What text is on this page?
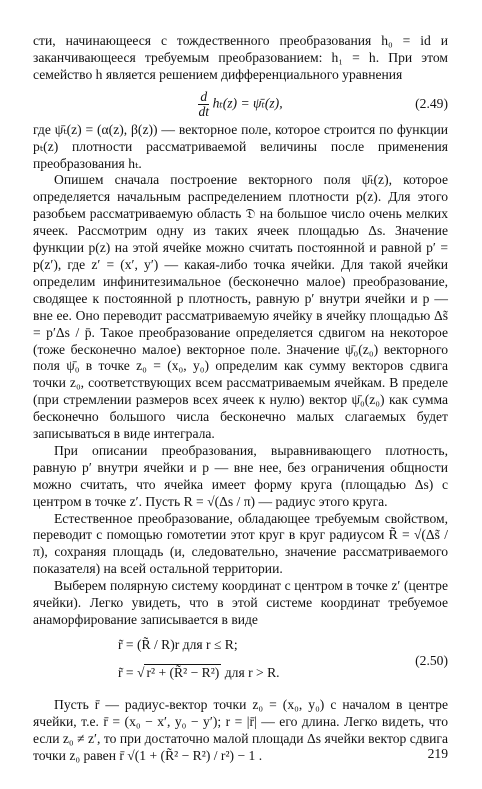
сти, начинающееся с тождественного преобразования h₀ = id и заканчивающееся требуемым преобразованием: h₁ = h. При этом семейство h является решением дифференциального уравнения

$\frac{d}{dt} h_t(z)$ = ψ̄ₜ(z),	(2.49)

где ψ̄ₜ(z) = (α(z), β(z)) — векторное поле, которое строится по функции pₜ(z) плотности рассматриваемой величины после применения преобразования hₜ.

Опишем сначала построение векторного поля ψ̄ₜ(z), которое определяется начальным распределением плотности p(z). Для этого разобьем рассматриваемую область 𝔇 на большое число очень мелких ячеек. Рассмотрим одну из таких ячеек площадью Δs. Значение функции p(z) на этой ячейке можно считать постоянной и равной p′ = p(z′), где z′ = (x′, y′) — какая-либо точка ячейки. Для такой ячейки определим инфинитезимальное (бесконечно малое) преобразование, сводящее к постоянной p плотность, равную p′ внутри ячейки и p — вне ее. Оно переводит рассматриваемую ячейку в ячейку площадью Δs̃ = p′Δs / p̄. Такое преобразование определяется сдвигом на некоторое (тоже бесконечно малое) векторное поле. Значение ψ̄₀(z₀) векторного поля ψ̄₀ в точке z₀ = (x₀, y₀) определим как сумму векторов сдвига точки z₀, соответствующих всем рассматриваемым ячейкам. В пределе (при стремлении размеров всех ячеек к нулю) вектор ψ̄₀(z₀) как сумма бесконечно большого числа бесконечно малых слагаемых будет записываться в виде интеграла.

При описании преобразования, выравнивающего плотность, равную p′ внутри ячейки и p — вне нее, без ограничения общности можно считать, что ячейка имеет форму круга (площадью Δs) с центром в точке z′. Пусть R = √(Δs / π) — радиус этого круга.

Естественное преобразование, обладающее требуемым свойством, переводит с помощью гомотетии этот круг в круг радиусом R̃ = √(Δs̃ / π), сохраняя площадь (и, следовательно, значение рассматриваемого показателя) на всей остальной территории.

Выберем полярную систему координат с центром в точке z′ (центре ячейки). Легко увидеть, что в этой системе координат требуемое анаморфирование записывается в виде

r̃ = (R̃ / R)r для r ≤ R;
r̃ = √ r² + (R̃² − R²) для r > R.
(2.50)

Пусть r̄ — радиус-вектор точки z₀ = (x₀, y₀) с началом в центре ячейки, т.е. r̄ = (x₀ − x′, y₀ − y′); r = |r̄| — его длина. Легко видеть, что если z₀ ≠ z′, то при достаточно малой площади Δs ячейки вектор сдвига точки z₀ равен r̄ √(1 + (R̃² − R²) / r²) − 1 .	219
